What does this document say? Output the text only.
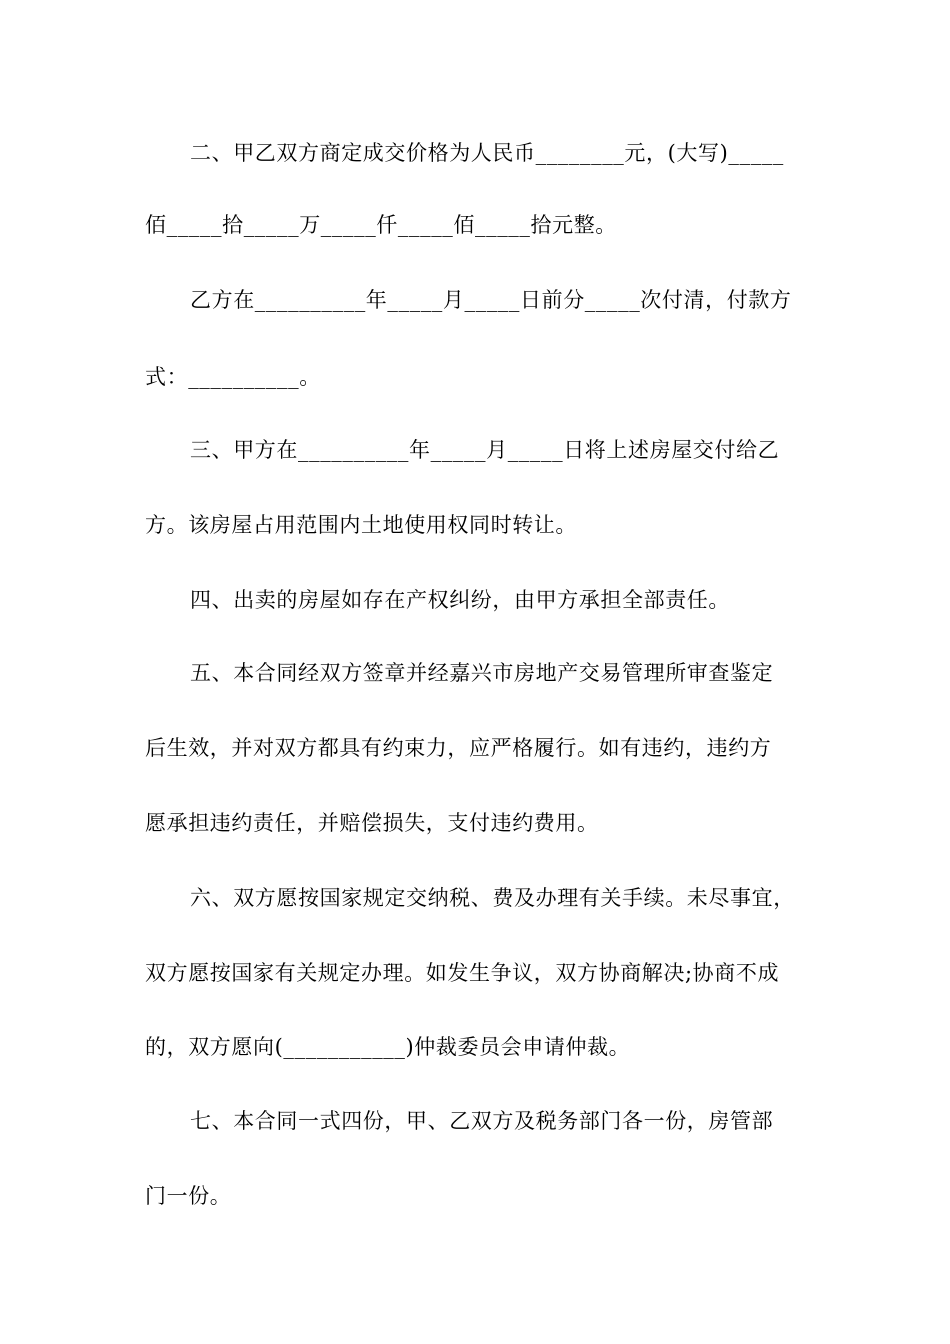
二、甲乙双方商定成交价格为人民币________元，(大写)_____
佰_____拾_____万_____仟_____佰_____拾元整。
乙方在__________年_____月_____日前分_____次付清，付款方
式：__________。
三、甲方在__________年_____月_____日将上述房屋交付给乙
方。该房屋占用范围内土地使用权同时转让。
四、出卖的房屋如存在产权纠纷，由甲方承担全部责任。
五、本合同经双方签章并经嘉兴市房地产交易管理所审查鉴定
后生效，并对双方都具有约束力，应严格履行。如有违约，违约方
愿承担违约责任，并赔偿损失，支付违约费用。
六、双方愿按国家规定交纳税、费及办理有关手续。未尽事宜，
双方愿按国家有关规定办理。如发生争议，双方协商解决;协商不成
的，双方愿向(___________)仲裁委员会申请仲裁。
七、本合同一式四份，甲、乙双方及税务部门各一份，房管部
门一份。
